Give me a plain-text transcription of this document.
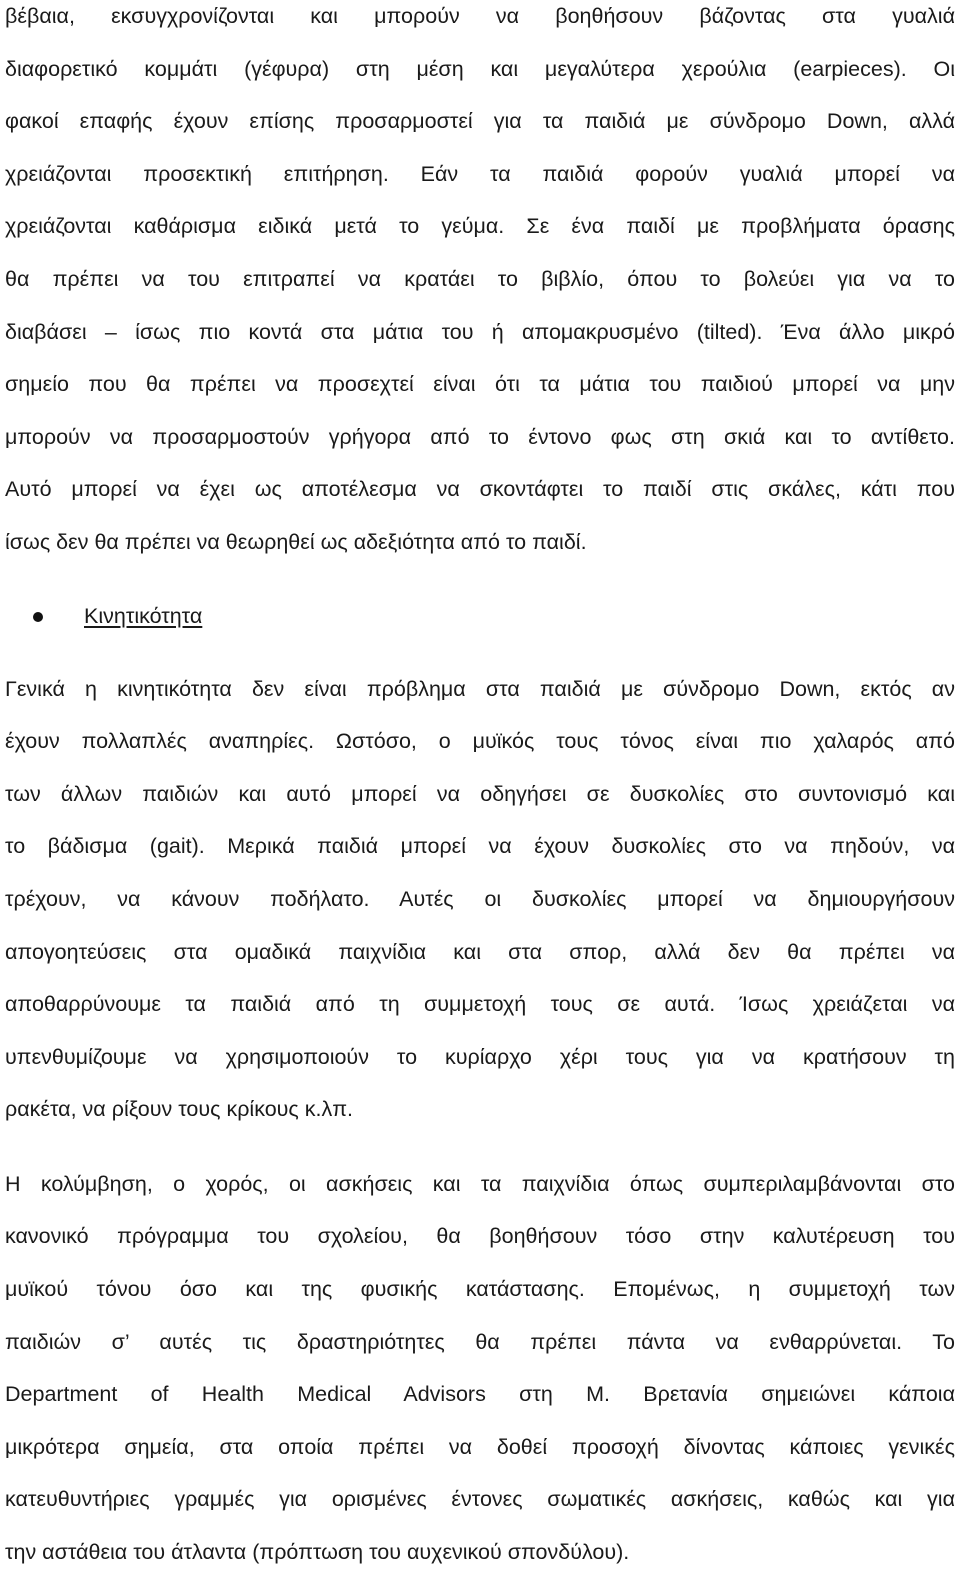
βέβαια, εκσυγχρονίζονται και μπορούν να βοηθήσουν βάζοντας στα γυαλιά
διαφορετικό κομμάτι (γέφυρα) στη μέση και μεγαλύτερα χερούλια (earpieces). Οι
φακοί επαφής έχουν επίσης προσαρμοστεί για τα παιδιά με σύνδρομο Down, αλλά
χρειάζονται προσεκτική επιτήρηση. Εάν τα παιδιά φορούν γυαλιά μπορεί να
χρειάζονται καθάρισμα ειδικά μετά το γεύμα. Σε ένα παιδί με προβλήματα όρασης
θα πρέπει να του επιτραπεί να κρατάει το βιβλίο, όπου το βολεύει για να το
διαβάσει – ίσως πιο κοντά στα μάτια του ή απομακρυσμένο (tilted). Ένα άλλο μικρό
σημείο που θα πρέπει να προσεχτεί είναι ότι τα μάτια του παιδιού μπορεί να μην
μπορούν να προσαρμοστούν γρήγορα από το έντονο φως στη σκιά και το αντίθετο.
Αυτό μπορεί να έχει ως αποτέλεσμα να σκοντάφτει το παιδί στις σκάλες, κάτι που
ίσως δεν θα πρέπει να θεωρηθεί ως αδεξιότητα από το παιδί.

Κινητικότητα

Γενικά η κινητικότητα δεν είναι πρόβλημα στα παιδιά με σύνδρομο Down, εκτός αν
έχουν πολλαπλές αναπηρίες. Ωστόσο, ο μυϊκός τους τόνος είναι πιο χαλαρός από
των άλλων παιδιών και αυτό μπορεί να οδηγήσει σε δυσκολίες στο συντονισμό και
το βάδισμα (gait). Μερικά παιδιά μπορεί να έχουν δυσκολίες στο να πηδούν, να
τρέχουν, να κάνουν ποδήλατο. Αυτές οι δυσκολίες μπορεί να δημιουργήσουν
απογοητεύσεις στα ομαδικά παιχνίδια και στα σπορ, αλλά δεν θα πρέπει να
αποθαρρύνουμε τα παιδιά από τη συμμετοχή τους σε αυτά. Ίσως χρειάζεται να
υπενθυμίζουμε να χρησιμοποιούν το κυρίαρχο χέρι τους για να κρατήσουν τη
ρακέτα, να ρίξουν τους κρίκους κ.λπ.

Η κολύμβηση, ο χορός, οι ασκήσεις και τα παιχνίδια όπως συμπεριλαμβάνονται στο
κανονικό πρόγραμμα του σχολείου, θα βοηθήσουν τόσο στην καλυτέρευση του
μυϊκού τόνου όσο και της φυσικής κατάστασης. Επομένως, η συμμετοχή των
παιδιών σ’ αυτές τις δραστηριότητες θα πρέπει πάντα να ενθαρρύνεται. Το
Department of Health Medical Advisors στη Μ. Βρετανία σημειώνει κάποια
μικρότερα σημεία, στα οποία πρέπει να δοθεί προσοχή δίνοντας κάποιες γενικές
κατευθυντήριες γραμμές για ορισμένες έντονες σωματικές ασκήσεις, καθώς και για
την αστάθεια του άτλαντα (πρόπτωση του αυχενικού σπονδύλου).
